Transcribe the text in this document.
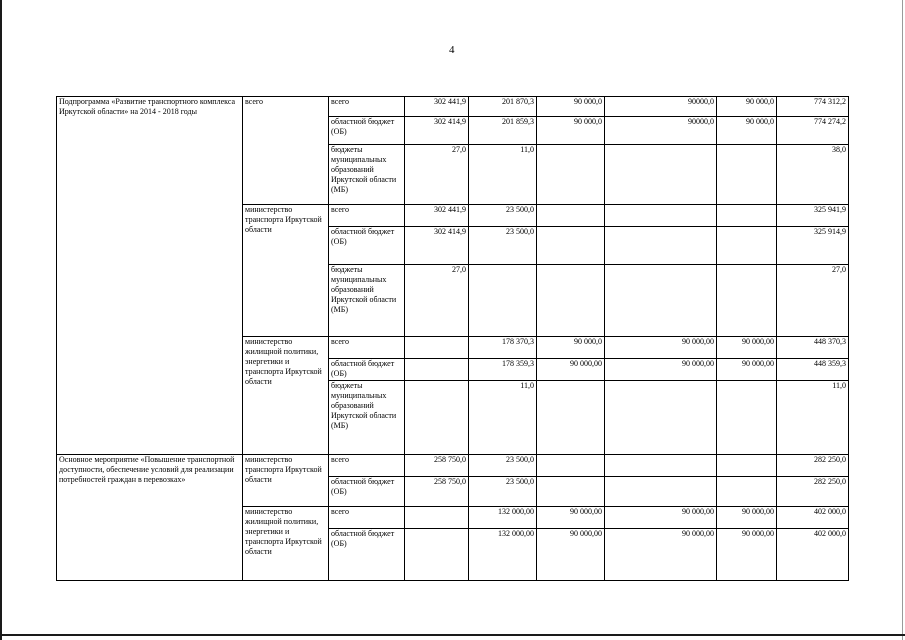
4
Подпрограмма «Развитие транспортного комплекса Иркутской области» на 2014 - 2018 годы	всего	всего	302 441,9	201 870,3	90 000,0	90000,0	90 000,0	774 312,2
		областной бюджет (ОБ)	302 414,9	201 859,3	90 000,0	90000,0	90 000,0	774 274,2
		бюджеты муниципальных образований Иркутской области (МБ)	27,0	11,0				38,0
	министерство транспорта Иркутской области	всего	302 441,9	23 500,0				325 941,9
		областной бюджет (ОБ)	302 414,9	23 500,0				325 914,9
		бюджеты муниципальных образований Иркутской области (МБ)	27,0					27,0
	министерство жилищной политики, энергетики и транспорта Иркутской области	всего		178 370,3	90 000,0	90 000,00	90 000,00	448 370,3
		областной бюджет (ОБ)		178 359,3	90 000,00	90 000,00	90 000,00	448 359,3
		бюджеты муниципальных образований Иркутской области (МБ)		11,0				11,0
Основное мероприятие «Повышение транспортной доступности, обеспечение условий для реализации потребностей граждан в перевозках»	министерство транспорта Иркутской области	всего	258 750,0	23 500,0				282 250,0
		областной бюджет (ОБ)	258 750,0	23 500,0				282 250,0
	министерство жилищной политики, энергетики и транспорта Иркутской области	всего		132 000,00	90 000,00	90 000,00	90 000,00	402 000,0
		областной бюджет (ОБ)		132 000,00	90 000,00	90 000,00	90 000,00	402 000,0
